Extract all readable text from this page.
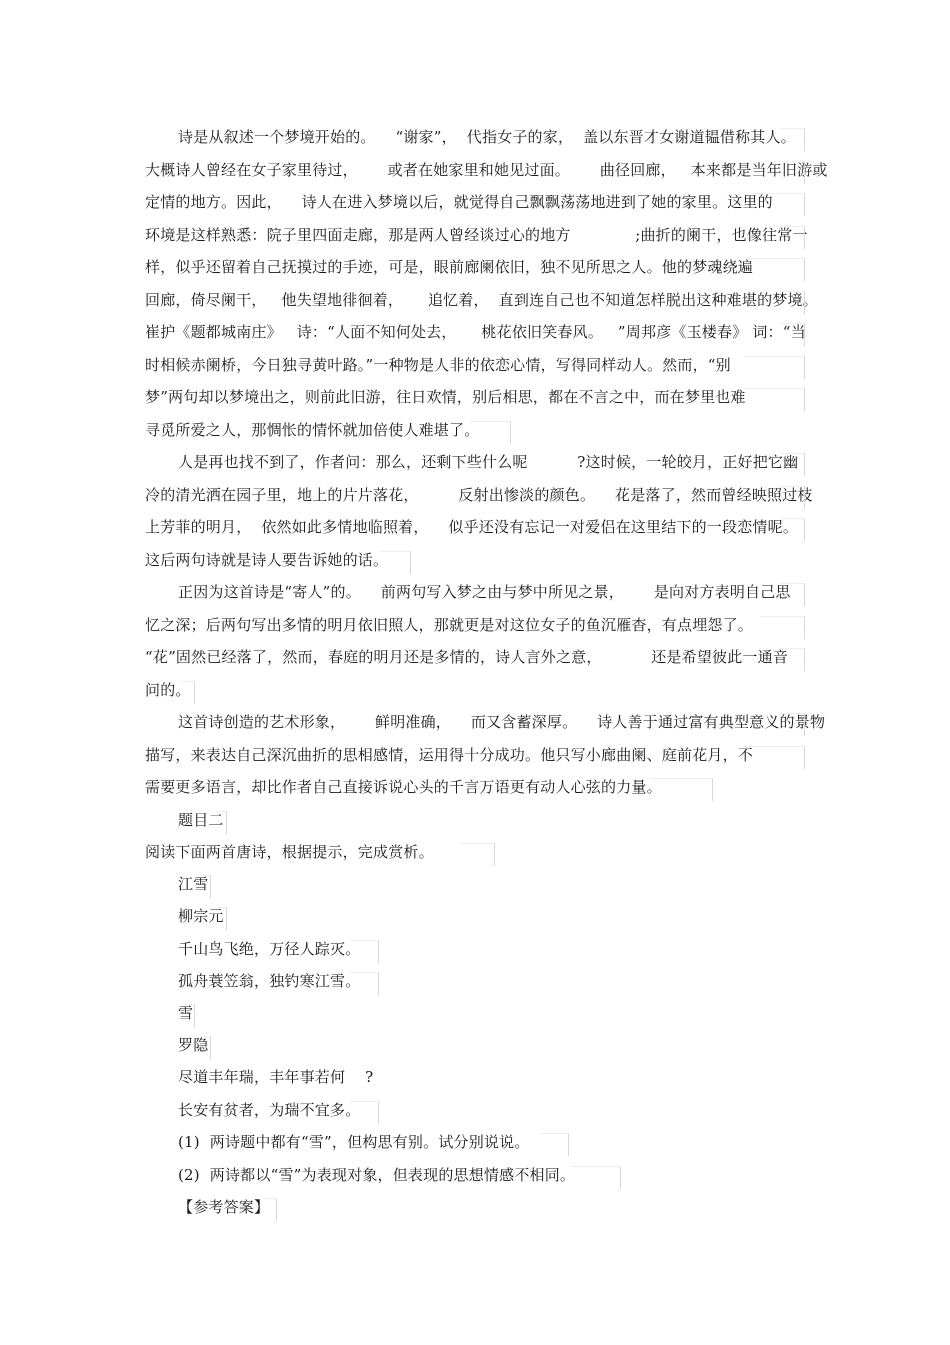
诗是从叙述一个梦境开始的。    “谢家”，  代指女子的家，  盖以东晋才女谢道韫借称其人。
大概诗人曾经在女子家里待过，      或者在她家里和她见过面。      曲径回廊，   本来都是当年旧游或
定情的地方。因此，    诗人在进入梦境以后，就觉得自己飘飘荡荡地进到了她的家里。这里的
环境是这样熟悉：院子里四面走廊，那是两人曾经谈过心的地方             ;曲折的阑干，也像往常一
样，似乎还留着自己抚摸过的手迹，可是，眼前廊阑依旧，独不见所思之人。他的梦魂绕遍
回廊，倚尽阑干，   他失望地徘徊着，     追忆着，  直到连自己也不知道怎样脱出这种难堪的梦境。
崔护《题都城南庄》   诗：“人面不知何处去，     桃花依旧笑春风。   ”周邦彦《玉楼春》 词：“当
时相候赤阑桥，今日独寻黄叶路。”一种物是人非的依恋心情，写得同样动人。然而，“别
梦”两句却以梦境出之，则前此旧游，往日欢情，别后相思，都在不言之中，而在梦里也难
寻觅所爱之人，那惆怅的情怀就加倍使人难堪了。
人是再也找不到了，作者问：那么，还剩下些什么呢          ?这时候，一轮皎月，正好把它幽
冷的清光洒在园子里，地上的片片落花，        反射出惨淡的颜色。    花是落了，然而曾经映照过枝
上芳菲的明月，  依然如此多情地临照着，    似乎还没有忘记一对爱侣在这里结下的一段恋情呢。
这后两句诗就是诗人要告诉她的话。
正因为这首诗是“寄人”的。    前两句写入梦之由与梦中所见之景，      是向对方表明自己思
忆之深；后两句写出多情的明月依旧照人，那就更是对这位女子的鱼沉雁杳，有点埋怨了。
“花”固然已经落了，然而，春庭的明月还是多情的，诗人言外之意，          还是希望彼此一通音
问的。
这首诗创造的艺术形象，      鲜明准确，    而又含蓄深厚。    诗人善于通过富有典型意义的景物
描写，来表达自己深沉曲折的思相感情，运用得十分成功。他只写小廊曲阑、庭前花月，不
需要更多语言，却比作者自己直接诉说心头的千言万语更有动人心弦的力量。
题目二
阅读下面两首唐诗，根据提示，完成赏析。
江雪
柳宗元
千山鸟飞绝，万径人踪灭。
孤舟蓑笠翁，独钓寒江雪。
雪
罗隐
尽道丰年瑞，丰年事若何    ?
长安有贫者，为瑞不宜多。
(1)  两诗题中都有“雪”，但构思有别。试分别说说。
(2)  两诗都以“雪”为表现对象，但表现的思想情感不相同。
【参考答案】
